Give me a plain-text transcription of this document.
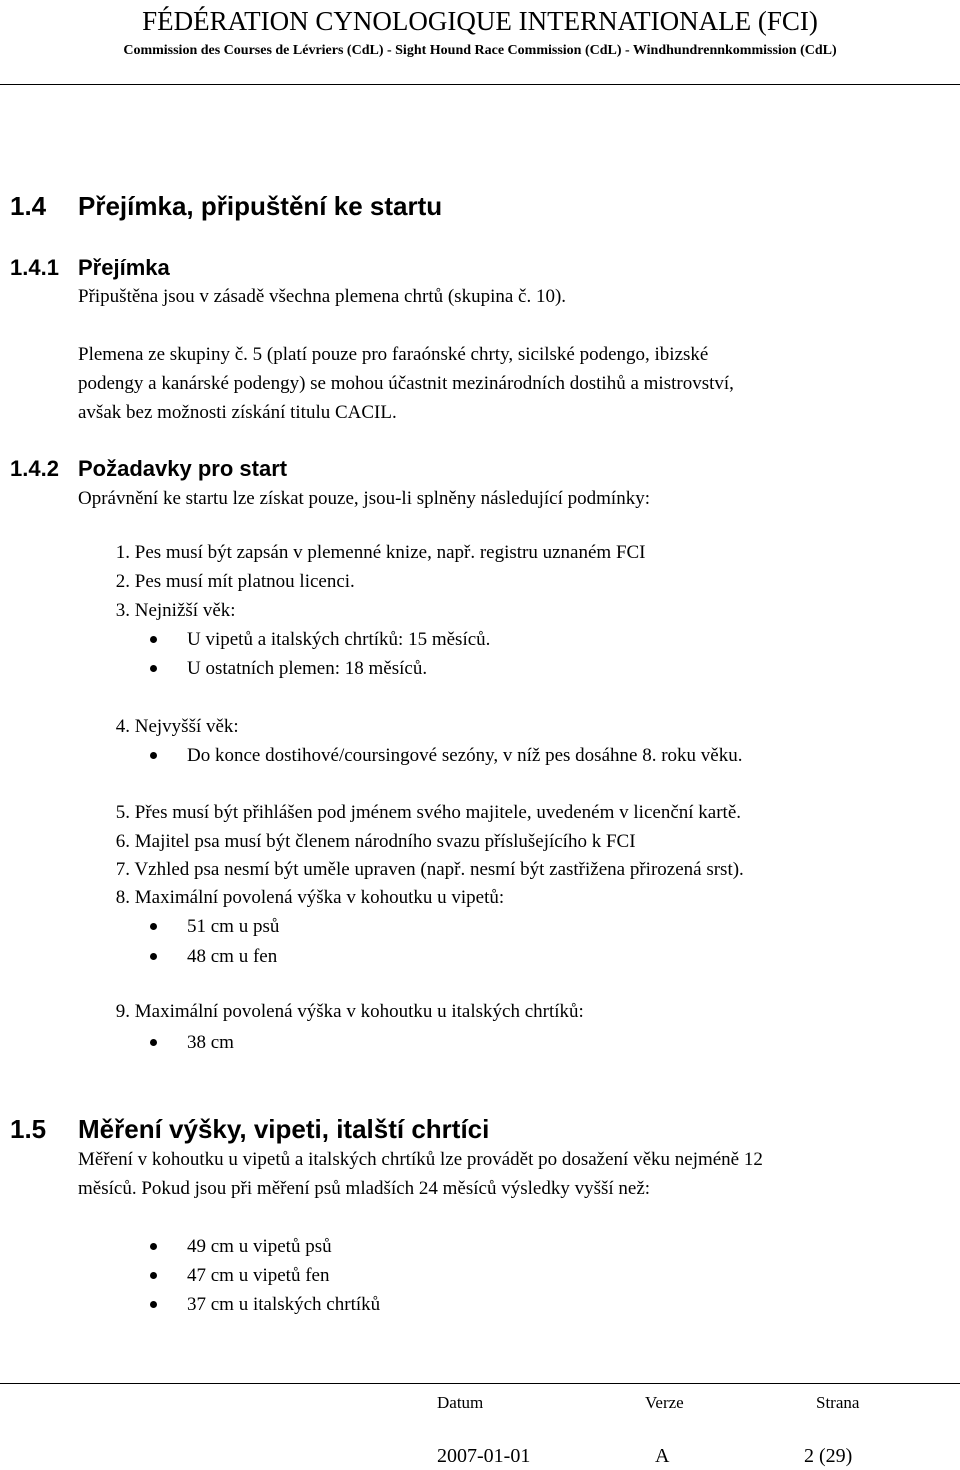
FÉDÉRATION CYNOLOGIQUE INTERNATIONALE (FCI)
Commission des Courses de Lévriers (CdL) - Sight Hound Race Commission (CdL) - Windhundrennkommission (CdL)
1.4 Přejímka, připuštění ke startu
1.4.1 Přejímka
Připuštěna jsou v zásadě všechna plemena chrtů (skupina č. 10).
Plemena ze skupiny č. 5 (platí pouze pro faraónské chrty, sicilské podengo, ibizské
podengy a kanárské podengy) se mohou účastnit mezinárodních dostihů a mistrovství,
avšak bez možnosti získání titulu CACIL.
1.4.2 Požadavky pro start
Oprávnění ke startu lze získat pouze, jsou-li splněny následující podmínky:
1. Pes musí být zapsán v plemenné knize, např. registru uznaném FCI
2. Pes musí mít platnou licenci.
3. Nejnižší věk:
U vipetů a italských chrtíků: 15 měsíců.
U ostatních plemen: 18 měsíců.
4. Nejvyšší věk:
Do konce dostihové/coursingové sezóny, v níž pes dosáhne 8. roku věku.
5. Přes musí být přihlášen pod jménem svého majitele, uvedeném v licenční kartě.
6. Majitel psa musí být členem národního svazu příslušejícího k FCI
7. Vzhled psa nesmí být uměle upraven (např. nesmí být zastřižena přirozená srst).
8. Maximální povolená výška v kohoutku u vipetů:
51 cm u psů
48 cm u fen
9. Maximální povolená výška v kohoutku u italských chrtíků:
38 cm
1.5 Měření výšky, vipeti, italští chrtíci
Měření v kohoutku u vipetů a italských chrtíků lze provádět po dosažení věku nejméně 12
měsíců. Pokud jsou při měření psů mladších 24 měsíců výsledky vyšší než:
49 cm u vipetů psů
47 cm u vipetů fen
37 cm u italských chrtíků
Datum	Verze	Strana
2007-01-01	A	2 (29)
